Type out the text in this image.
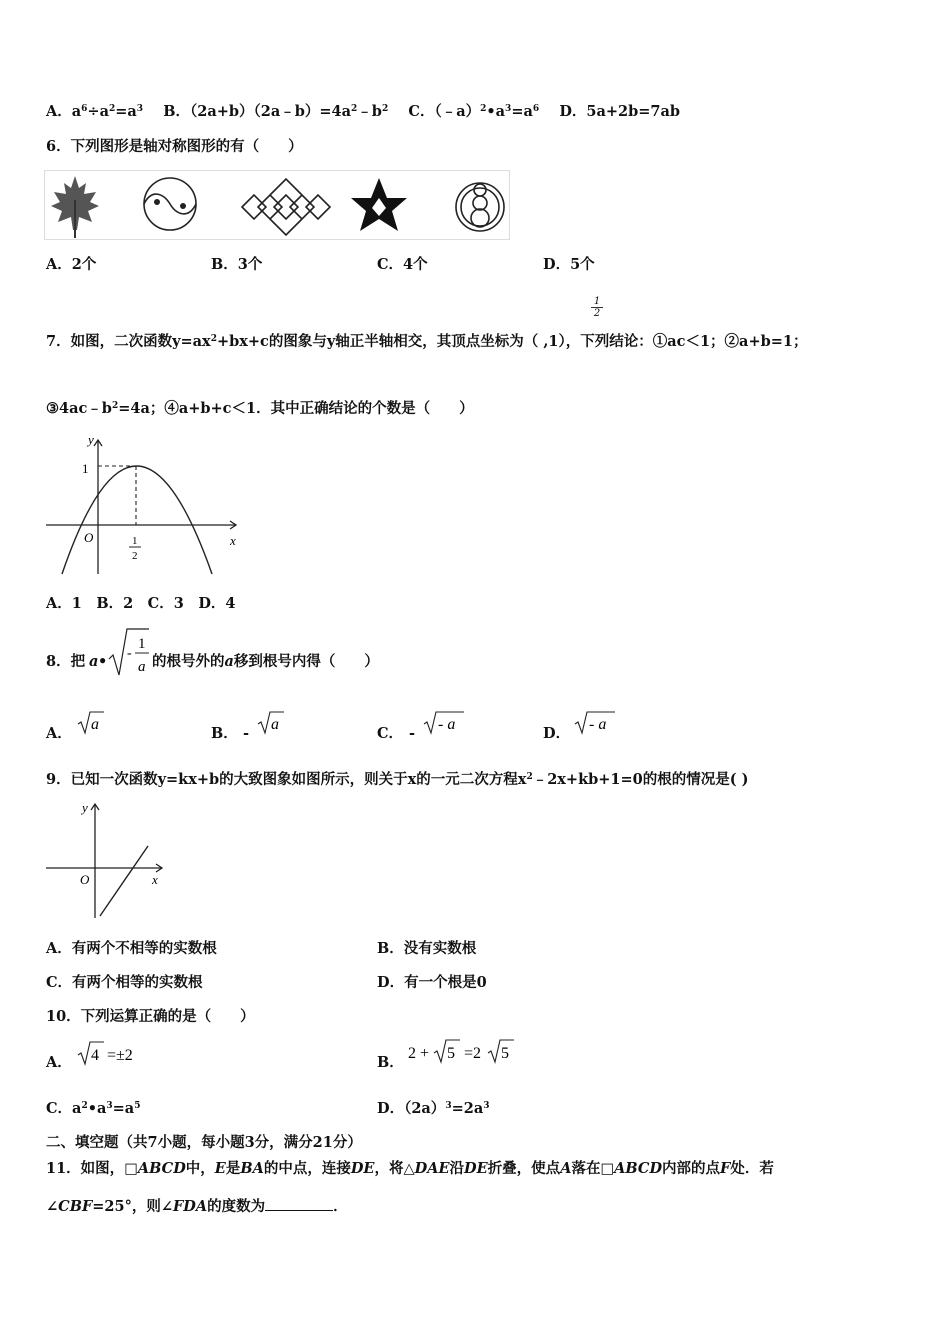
A．$a^6\div a^2=a^3$ B．$(2a+b)(2a﹣b)=4a^2﹣b^2$ C．$(﹣a)^2•a^3=a^6$ D．5a+2b=7ab
6．下列图形是轴对称图形的有（　　）
A．2个	B．3个	C．4个	D．5个
1
2
7．如图，二次函数$y=ax^2+bx+c$的图象与y轴正半轴相交，其顶点坐标为（ ,1），下列结论：①ac＜1；②a+b=1；
$③4ac﹣b^2=4a$；④a+b+c＜1．其中正确结论的个数是（　　）
y
x
O
1
1
2
A．1　B．2　C．3　D．4
8．把 a • -
1
a 的根号外的a移到根号内得（　　）
A．
a
B． -
a
C． -
- a
D．
- a
9．已知一次函数y=kx+b的大致图象如图所示，则关于x的一元二次方程$x^2﹣2x+kb+1=0$的根的情况是( )
y
x
O
A．有两个不相等的实数根	B．没有实数根
C．有两个相等的实数根	D．有一个根是0
10．下列运算正确的是（　　）
A． 4 =±2	B．
2 + 5 =2 5
C．$a^2•a^3=a^5$	D．$(2a)^3=2a^3$
二、填空题（共7小题，每小题3分，满分21分）
11．如图，□ABCD中，E是BA的中点，连接DE，将△DAE沿DE折叠，使点A落在□ABCD内部的点F处．若
∠CBF=25°，则∠FDA的度数为	．
